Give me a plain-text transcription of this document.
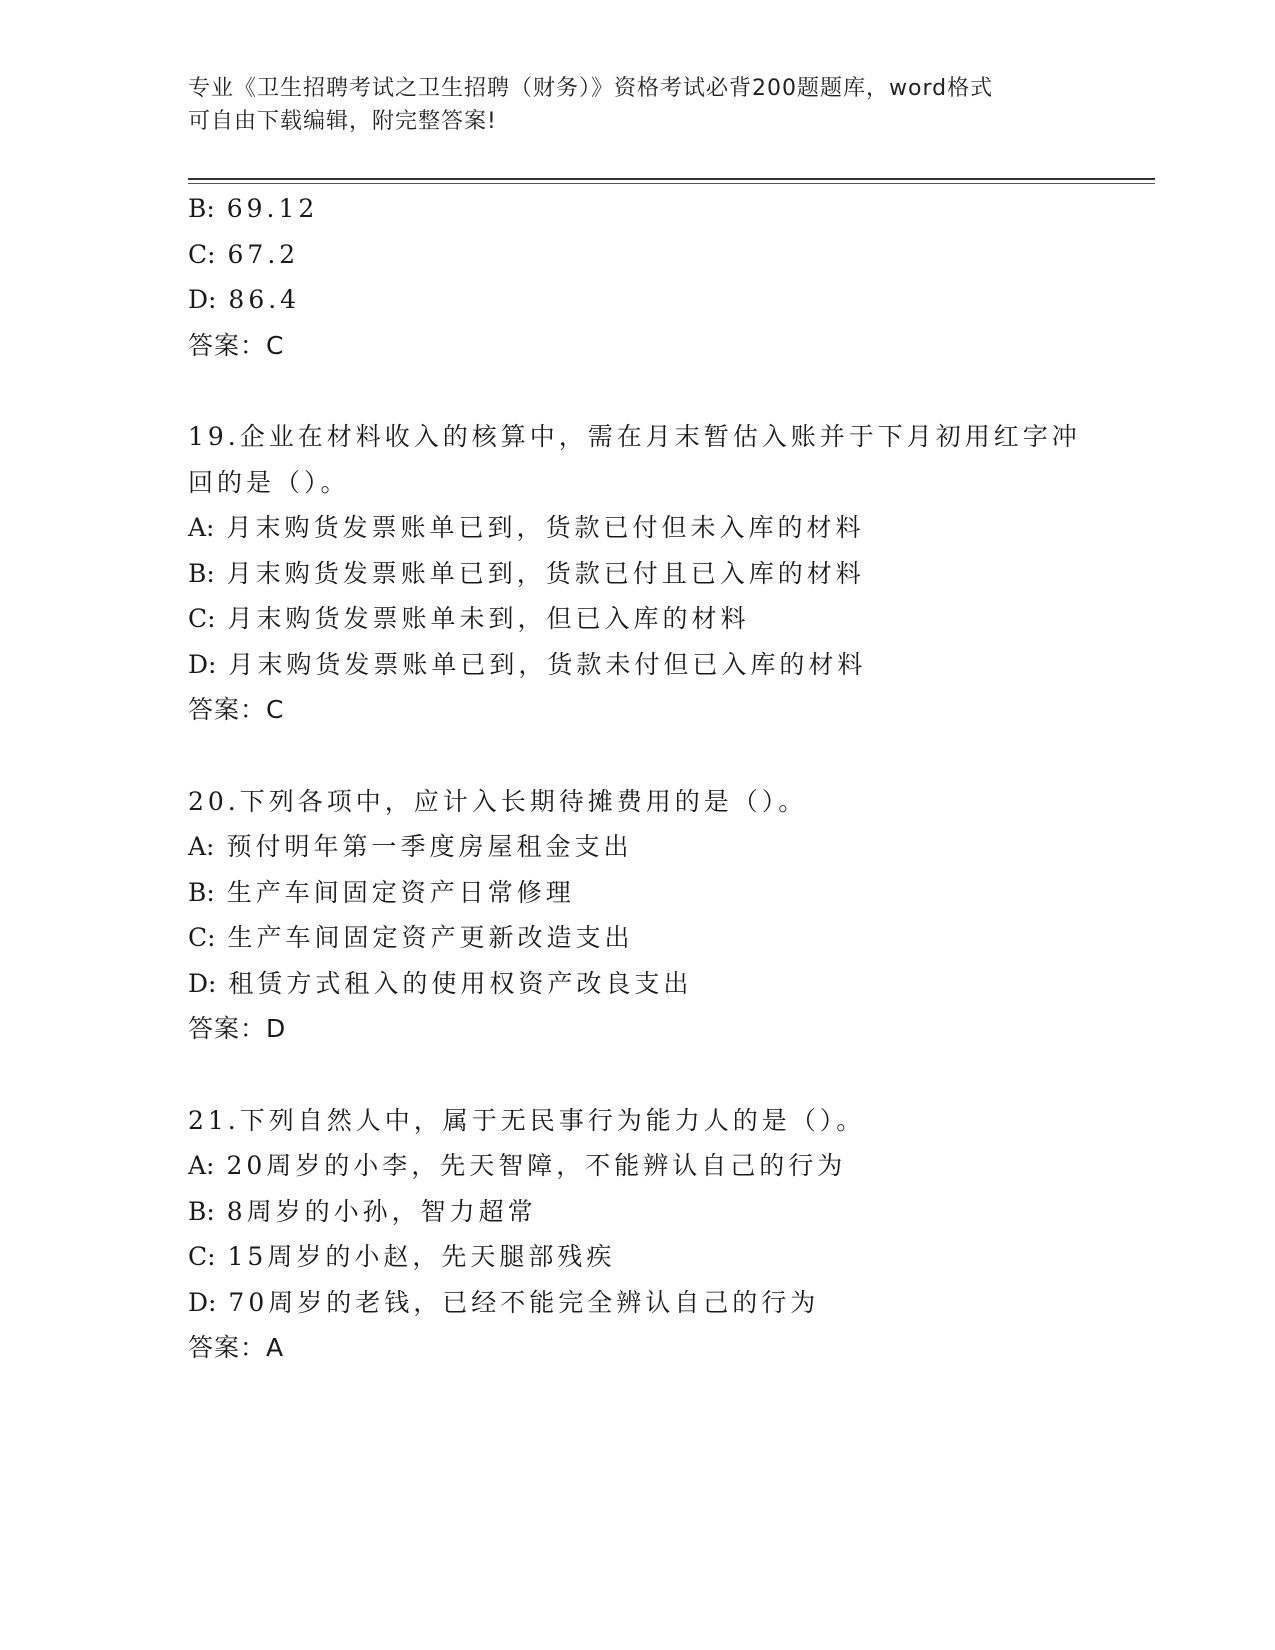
专业《卫生招聘考试之卫生招聘（财务）》资格考试必背200题题库，word格式
可自由下载编辑，附完整答案!
B: 69.12
C: 67.2
D: 86.4
答案：C
19.企业在材料收入的核算中，需在月末暂估入账并于下月初用红字冲
回的是（）。
A: 月末购货发票账单已到，货款已付但未入库的材料
B: 月末购货发票账单已到，货款已付且已入库的材料
C: 月末购货发票账单未到，但已入库的材料
D: 月末购货发票账单已到，货款未付但已入库的材料
答案：C
20.下列各项中，应计入长期待摊费用的是（）。
A: 预付明年第一季度房屋租金支出
B: 生产车间固定资产日常修理
C: 生产车间固定资产更新改造支出
D: 租赁方式租入的使用权资产改良支出
答案：D
21.下列自然人中，属于无民事行为能力人的是（）。
A: 20周岁的小李，先天智障，不能辨认自己的行为
B: 8周岁的小孙，智力超常
C: 15周岁的小赵，先天腿部残疾
D: 70周岁的老钱，已经不能完全辨认自己的行为
答案：A
